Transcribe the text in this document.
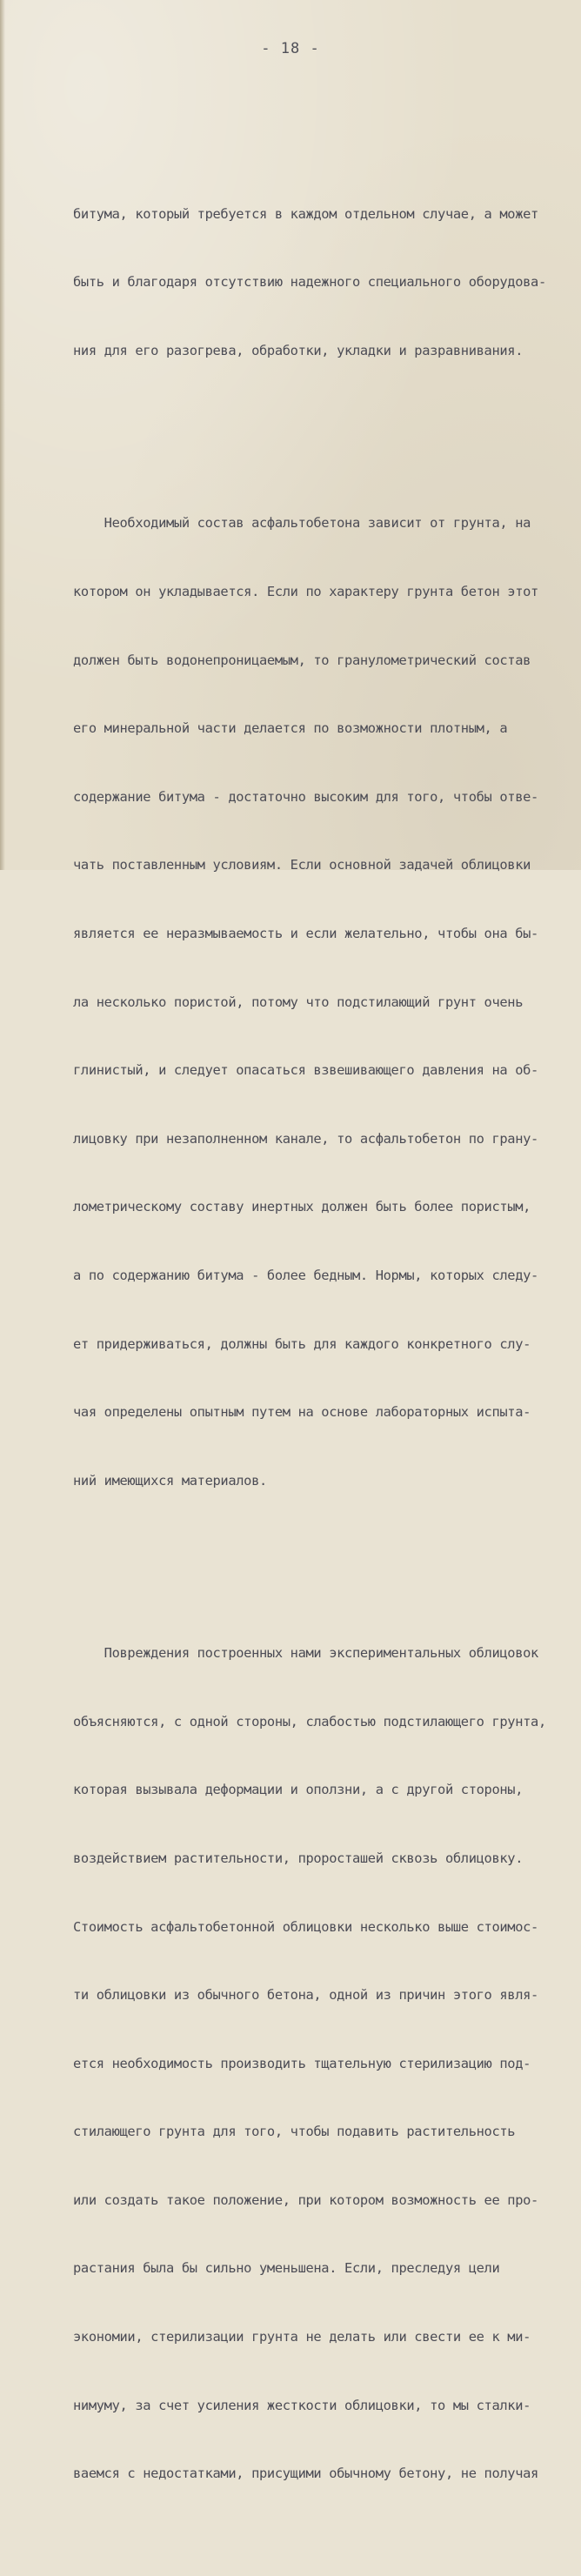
- 18 -

битума, который требуется в каждом отдельном случае, а может

быть и благодаря отсутствию надежного специального оборудова-

ния для его разогрева, обработки, укладки и разравнивания.

Необходимый состав асфальтобетона зависит от грунта, на

котором он укладывается. Если по характеру грунта бетон этот

должен быть водонепроницаемым, то гранулометрический состав

его минеральной части делается по возможности плотным, а

содержание битума - достаточно высоким для того, чтобы отве-

чать поставленным условиям. Если основной задачей облицовки

является ее неразмываемость и если желательно, чтобы она бы-

ла несколько пористой, потому что подстилающий грунт очень

глинистый, и следует опасаться взвешивающего давления на об-

лицовку при незаполненном канале, то асфальтобетон по грану-

лометрическому составу инертных должен быть более пористым,

а по содержанию битума - более бедным. Нормы, которых следу-

ет придерживаться, должны быть для каждого конкретного слу-

чая определены опытным путем на основе лабораторных испыта-

ний имеющихся материалов.

Повреждения построенных нами экспериментальных облицовок

объясняются, с одной стороны, слабостью подстилающего грунта,

которая вызывала деформации и оползни, а с другой стороны,

воздействием растительности, проросташей сквозь облицовку.

Стоимость асфальтобетонной облицовки несколько выше стоимос-

ти облицовки из обычного бетона, одной из причин этого явля-

ется необходимость производить тщательную стерилизацию под-

стилающего грунта для того, чтобы подавить растительность

или создать такое положение, при котором возможность ее про-

растания была бы сильно уменьшена. Если, преследуя цели

экономии, стерилизации грунта не делать или свести ее к ми-

нимуму, за счет усиления жесткости облицовки, то мы сталки-

ваемся с недостатками, присущими обычному бетону, не получая
